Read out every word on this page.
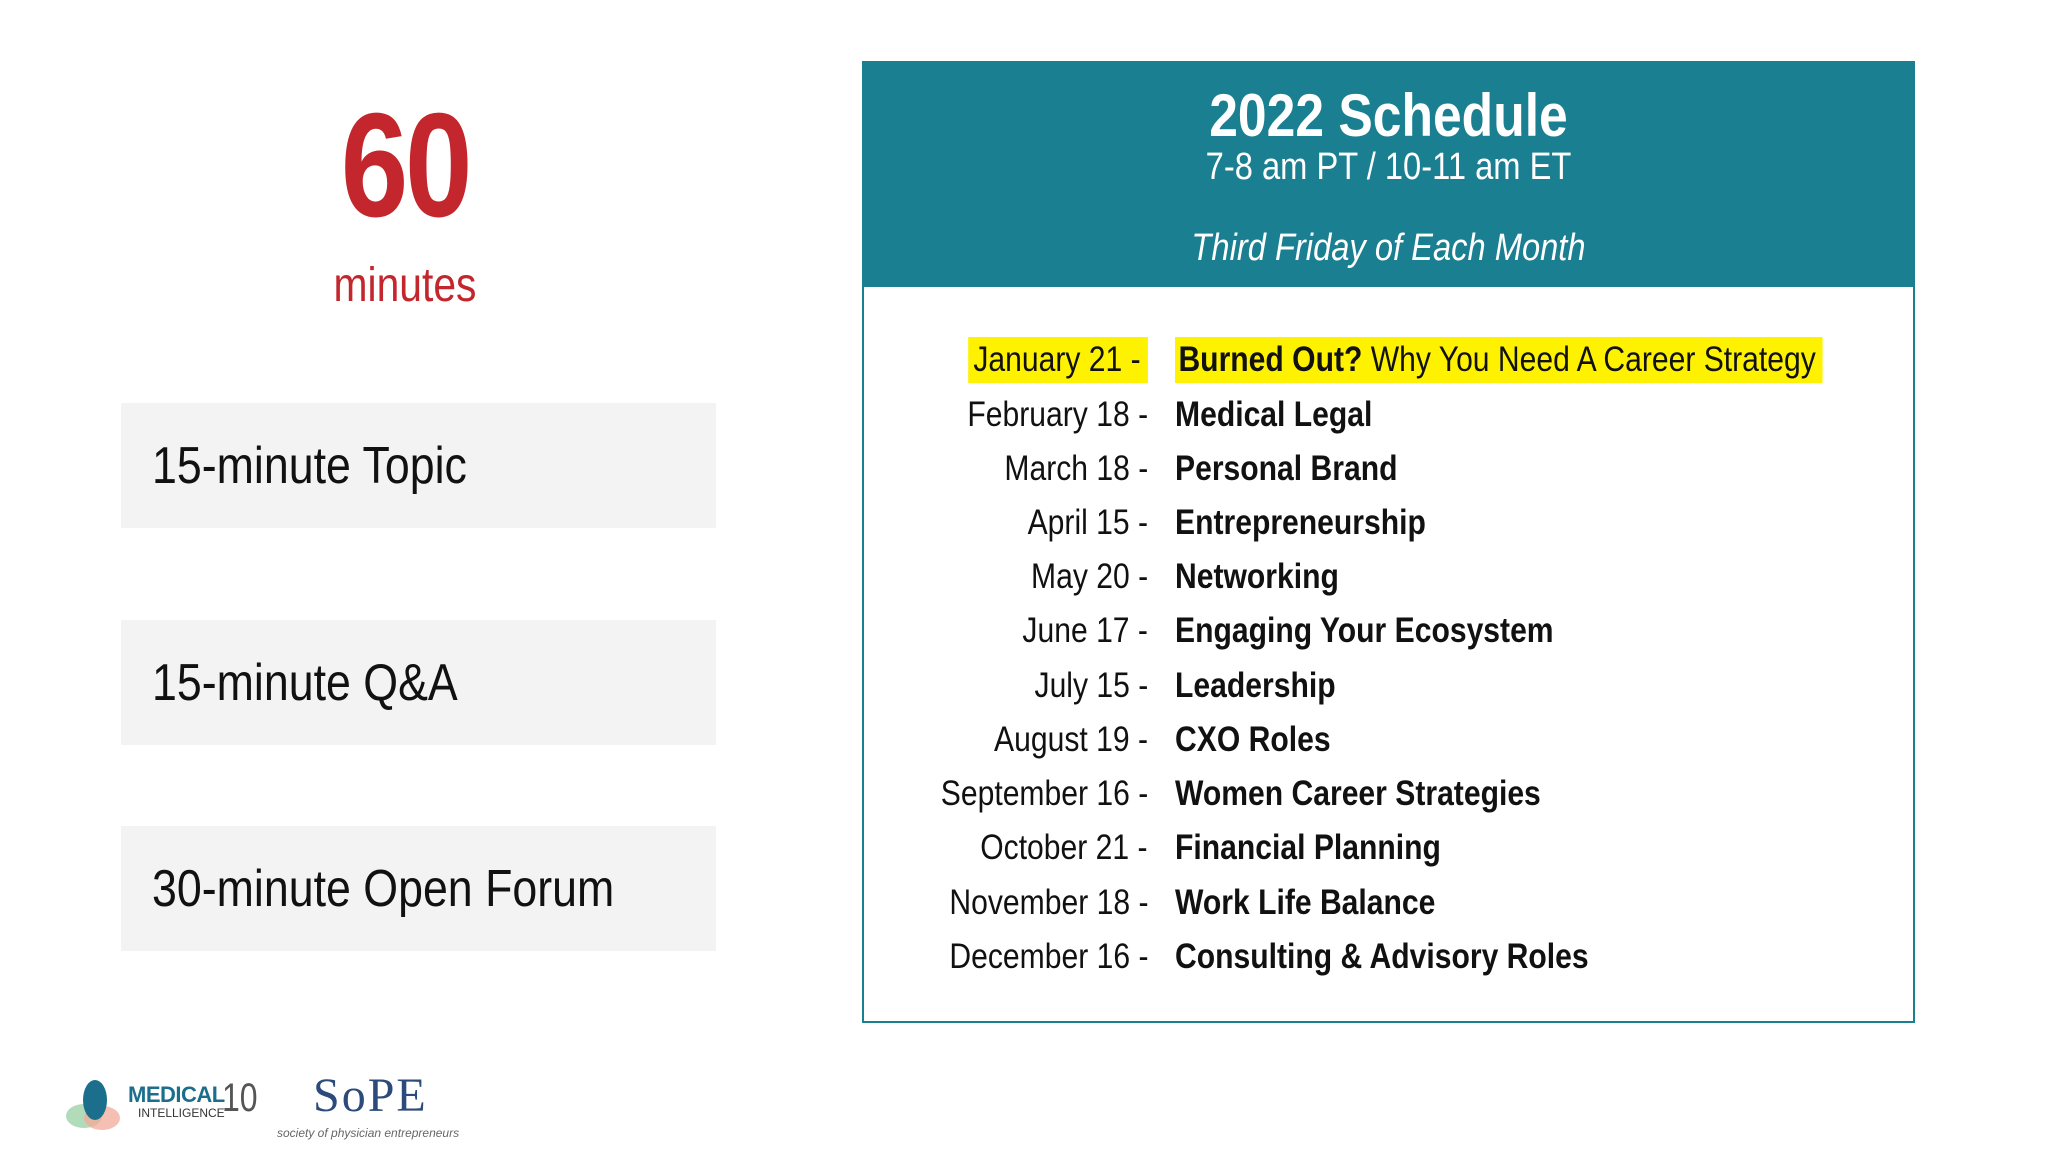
60
minutes
15-minute Topic
15-minute Q&A
30-minute Open Forum
2022 Schedule
7-8 am PT / 10-11 am ET
Third Friday of Each Month
January 21 - Burned Out? Why You Need A Career Strategy
February 18 - Medical Legal
March 18 - Personal Brand
April 15 - Entrepreneurship
May 20 - Networking
June 17 - Engaging Your Ecosystem
July 15 - Leadership
August 19 - CXO Roles
September 16 - Women Career Strategies
October 21 - Financial Planning
November 18 - Work Life Balance
December 16 - Consulting & Advisory Roles
MEDICAL
INTELLIGENCE
10 SoPE
society of physician entrepreneurs
